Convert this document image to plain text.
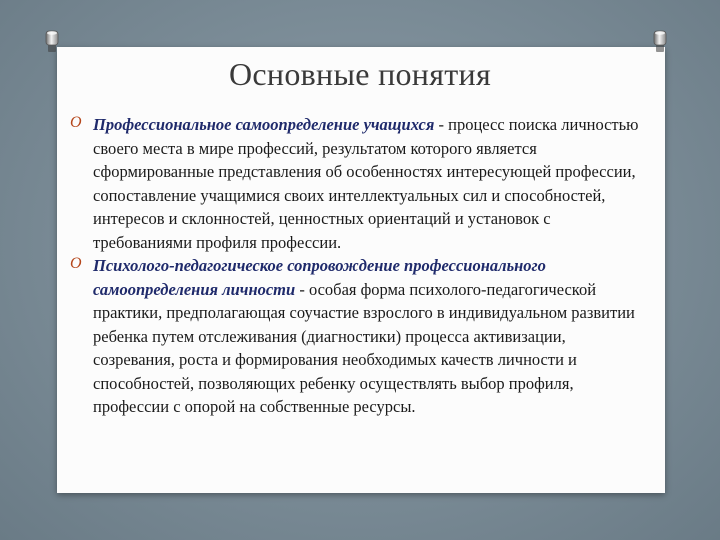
Основные понятия
O Профессиональное самоопределение учащихся - процесс поиска личностью своего места в мире профессий, результатом которого является сформированные представления об особенностях интересующей профессии, сопоставление учащимися своих интеллектуальных сил и способностей, интересов и склонностей, ценностных ориентаций и установок с требованиями профиля профессии.

O Психолого-педагогическое сопровождение профессионального самоопределения личности - особая форма психолого-педагогической практики, предполагающая соучастие взрослого в индивидуальном развитии ребенка путем отслеживания (диагностики) процесса активизации, созревания, роста и формирования необходимых качеств личности и способностей, позволяющих ребенку осуществлять выбор профиля, профессии с опорой на собственные ресурсы.
